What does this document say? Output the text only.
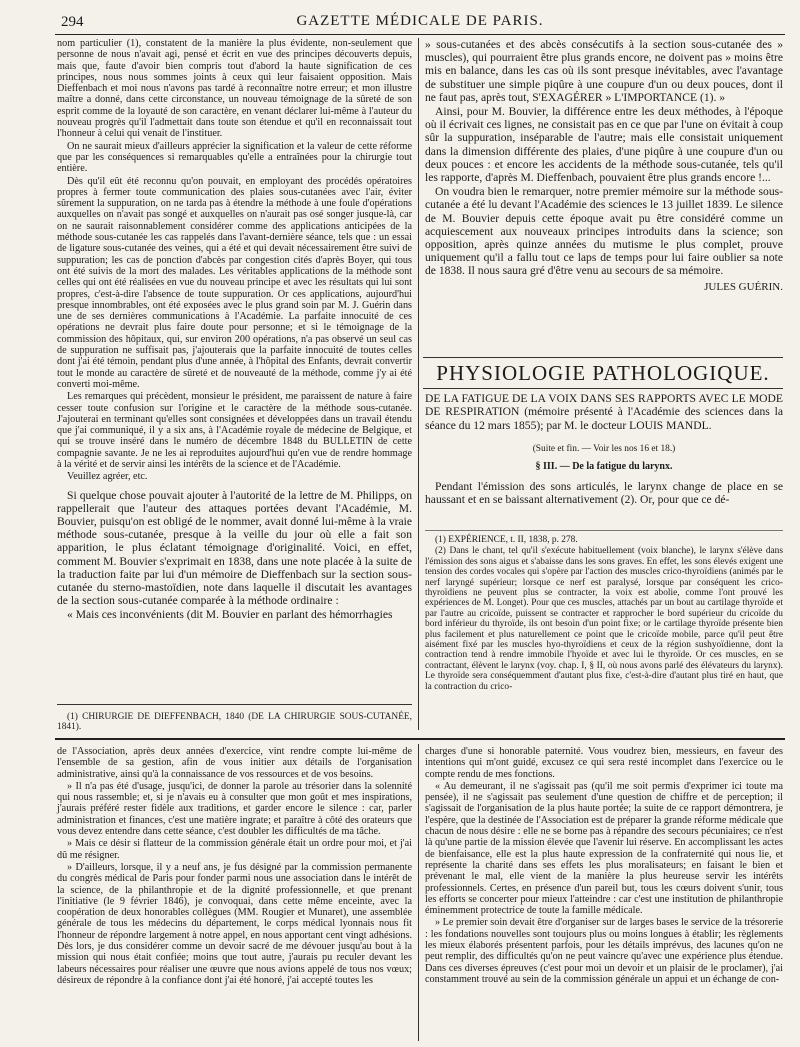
294	GAZETTE MÉDICALE DE PARIS.

nom particulier (1), constatent de la manière la plus évidente, non-seulement que personne de nous n'avait agi, pensé et écrit en vue des principes découverts depuis, mais que, faute d'avoir bien compris tout d'abord la haute signification de ces principes, nous nous sommes joints à ceux qui leur faisaient opposition. Mais Dieffenbach et moi nous n'avons pas tardé à reconnaître notre erreur; et mon illustre maître a donné, dans cette circonstance, un nouveau témoignage de la sûreté de son esprit comme de la loyauté de son caractère, en venant déclarer lui-même à l'auteur du nouveau progrès qu'il l'admettait dans toute son étendue et qu'il en reconnaissait tout l'honneur à celui qui venait de l'instituer.

On ne saurait mieux d'ailleurs apprécier la signification et la valeur de cette réforme que par les conséquences si remarquables qu'elle a entraînées pour la chirurgie tout entière.

Dès qu'il eût été reconnu qu'on pouvait, en employant des procédés opératoires propres à fermer toute communication des plaies sous-cutanées avec l'air, éviter sûrement la suppuration, on ne tarda pas à étendre la méthode à une foule d'opérations auxquelles on n'avait pas songé et auxquelles on n'aurait pas osé songer jusque-là, car on ne saurait raisonnablement considérer comme des applications anticipées de la méthode sous-cutanée les cas rappelés dans l'avant-dernière séance, tels que : un essai de ligature sous-cutanée des veines, qui a été et qui devait nécessairement être suivi de suppuration; les cas de ponction d'abcès par congestion cités d'après Boyer, qui tous ont été suivis de la mort des malades. Les véritables applications de la méthode sont celles qui ont été réalisées en vue du nouveau principe et avec les résultats qui lui sont propres, c'est-à-dire l'absence de toute suppuration. Or ces applications, aujourd'hui presque innombrables, ont été exposées avec le plus grand soin par M. J. Guérin dans une de ses dernières communications à l'Académie. La parfaite innocuité de ces opérations ne devrait plus faire doute pour personne; et si le témoignage de la commission des hôpitaux, qui, sur environ 200 opérations, n'a pas observé un seul cas de suppuration ne suffisait pas, j'ajouterais que la parfaite innocuité de toutes celles dont j'ai été témoin, pendant plus d'une année, à l'hôpital des Enfants, devrait convertir tout le monde au caractère de sûreté et de nouveauté de la méthode, comme j'y ai été converti moi-même.

Les remarques qui précèdent, monsieur le président, me paraissent de nature à faire cesser toute confusion sur l'origine et le caractère de la méthode sous-cutanée. J'ajouterai en terminant qu'elles sont consignées et développées dans un travail étendu que j'ai communiqué, il y a six ans, à l'Académie royale de médecine de Belgique, et qui se trouve inséré dans le numéro de décembre 1848 du BULLETIN de cette compagnie savante. Je ne les ai reproduites aujourd'hui qu'en vue de rendre hommage à la vérité et de servir ainsi les intérêts de la science et de l'Académie.

Veuillez agréer, etc.

Si quelque chose pouvait ajouter à l'autorité de la lettre de M. Philipps, on rappellerait que l'auteur des attaques portées devant l'Académie, M. Bouvier, puisqu'on est obligé de le nommer, avait donné lui-même à la vraie méthode sous-cutanée, presque à la veille du jour où elle a fait son apparition, le plus éclatant témoignage d'originalité. Voici, en effet, comment M. Bouvier s'exprimait en 1838, dans une note placée à la suite de la traduction faite par lui d'un mémoire de Dieffenbach sur la section sous-cutanée du sterno-mastoïdien, note dans laquelle il discutait les avantages de la section sous-cutanée comparée à la méthode ordinaire :

« Mais ces inconvénients (dit M. Bouvier en parlant des hémorrhagies

(1) CHIRURGIE DE DIEFFENBACH, 1840 (DE LA CHIRURGIE SOUS-CUTANÉE, 1841).

» sous-cutanées et des abcès consécutifs à la section sous-cutanée des » muscles), qui pourraient être plus grands encore, ne doivent pas » moins être mis en balance, dans les cas où ils sont presque inévitables, avec l'avantage de substituer une simple piqûre à une coupure d'un ou deux pouces, dont il ne faut pas, après tout, S'EXAGÉRER » L'IMPORTANCE (1). »

Ainsi, pour M. Bouvier, la différence entre les deux méthodes, à l'époque où il écrivait ces lignes, ne consistait pas en ce que par l'une on évitait à coup sûr la suppuration, inséparable de l'autre; mais elle consistait uniquement dans la dimension différente des plaies, d'une piqûre à une coupure d'un ou deux pouces : et encore les accidents de la méthode sous-cutanée, tels qu'il les rapporte, d'après M. Dieffenbach, pouvaient être plus grands encore !...

On voudra bien le remarquer, notre premier mémoire sur la méthode sous-cutanée a été lu devant l'Académie des sciences le 13 juillet 1839. Le silence de M. Bouvier depuis cette époque avait pu être considéré comme un acquiescement aux nouveaux principes introduits dans la science; son opposition, après quinze années du mutisme le plus complet, prouve uniquement qu'il a fallu tout ce laps de temps pour lui faire oublier sa note de 1838. Il nous saura gré d'être venu au secours de sa mémoire.

JULES GUÉRIN.
PHYSIOLOGIE PATHOLOGIQUE.
DE LA FATIGUE DE LA VOIX DANS SES RAPPORTS AVEC LE MODE DE RESPIRATION (mémoire présenté à l'Académie des sciences dans la séance du 12 mars 1855); par M. le docteur LOUIS MANDL.
(Suite et fin. — Voir les nos 16 et 18.)
§ III. — De la fatigue du larynx.

Pendant l'émission des sons articulés, le larynx change de place en se haussant et en se baissant alternativement (2). Or, pour que ce dé-

(1) EXPÉRIENCE, t. II, 1838, p. 278.

(2) Dans le chant, tel qu'il s'exécute habituellement (voix blanche), le larynx s'élève dans l'émission des sons aigus et s'abaisse dans les sons graves. En effet, les sons élevés exigent une tension des cordes vocales qui s'opère par l'action des muscles crico-thyroïdiens (animés par le nerf laryngé supérieur; lorsque ce nerf est paralysé, lorsque par conséquent les crico-thyroïdiens ne peuvent plus se contracter, la voix est abolie, comme l'ont prouvé les expériences de M. Longet). Pour que ces muscles, attachés par un bout au cartilage thyroïde et par l'autre au cricoïde, puissent se contracter et rapprocher le bord supérieur du cricoïde du bord inférieur du thyroïde, ils ont besoin d'un point fixe; or le cartilage thyroïde présente bien plus facilement et plus naturellement ce point que le cricoïde mobile, parce qu'il peut être aisément fixé par les muscles hyo-thyroïdiens et ceux de la région sushyoïdienne, dont la contraction tend à rendre immobile l'hyoïde et avec lui le thyroïde. Or ces muscles, en se contractant, élèvent le larynx (voy. chap. I, § II, où nous avons parlé des élévateurs du larynx). Le thyroïde sera conséquemment d'autant plus fixe, c'est-à-dire d'autant plus tiré en haut, que la contraction du crico-

de l'Association, après deux années d'exercice, vint rendre compte lui-même de l'ensemble de sa gestion, afin de vous initier aux détails de l'organisation administrative, ainsi qu'à la connaissance de vos ressources et de vos besoins.

» Il n'a pas été d'usage, jusqu'ici, de donner la parole au trésorier dans la solennité qui nous rassemble; et, si je n'avais eu à consulter que mon goût et mes inspirations, j'aurais préféré rester fidèle aux traditions, et garder encore le silence : car, parler administration et finances, c'est une matière ingrate; et paraître à côté des orateurs que vous devez entendre dans cette séance, c'est doubler les difficultés de ma tâche.

» Mais ce désir si flatteur de la commission générale était un ordre pour moi, et j'ai dû me résigner.

» D'ailleurs, lorsque, il y a neuf ans, je fus désigné par la commission permanente du congrès médical de Paris pour fonder parmi nous une association dans le intérêt de la science, de la philanthropie et de la dignité professionnelle, et que prenant l'initiative (le 9 février 1846), je convoquai, dans cette même enceinte, avec la coopération de deux honorables collègues (MM. Rougier et Munaret), une assemblée générale de tous les médecins du département, le corps médical lyonnais nous fit l'honneur de répondre largement à notre appel, en nous apportant cent vingt adhésions. Dès lors, je dus considérer comme un devoir sacré de me dévouer jusqu'au bout à la mission qui nous était confiée; moins que tout autre, j'aurais pu reculer devant les labeurs nécessaires pour réaliser une œuvre que nous avions appelé de tous nos vœux; désireux de répondre à la confiance dont j'ai été honoré, j'ai accepté toutes les

charges d'une si honorable paternité. Vous voudrez bien, messieurs, en faveur des intentions qui m'ont guidé, excusez ce qui sera resté incomplet dans l'exercice ou le compte rendu de mes fonctions.

« Au demeurant, il ne s'agissait pas (qu'il me soit permis d'exprimer ici toute ma pensée), il ne s'agissait pas seulement d'une question de chiffre et de perception; il s'agissait de l'organisation de la plus haute portée; la suite de ce rapport démontrera, je l'espère, que la destinée de l'Association est de préparer la grande réforme médicale que chacun de nous désire : elle ne se borne pas à répandre des secours pécuniaires; ce n'est là qu'une partie de la mission élevée que l'avenir lui réserve. En accomplissant les actes de bienfaisance, elle est la plus haute expression de la confraternité qui nous lie, et représente la charité dans ses effets les plus moralisateurs; en faisant le bien et prévenant le mal, elle vient de la manière la plus heureuse servir les intérêts professionnels. Certes, en présence d'un pareil but, tous les cœurs doivent s'unir, tous les efforts se concerter pour mieux l'atteindre : car c'est une institution de philanthropie éminemment protectrice de toute la famille médicale.

» Le premier soin devait être d'organiser sur de larges bases le service de la trésorerie : les fondations nouvelles sont toujours plus ou moins longues à établir; les règlements les mieux élaborés présentent parfois, pour les détails imprévus, des lacunes qu'on ne peut remplir, des difficultés qu'on ne peut vaincre qu'avec une expérience plus étendue. Dans ces diverses épreuves (c'est pour moi un devoir et un plaisir de le proclamer), j'ai constamment trouvé au sein de la commission générale un appui et un échange de con-
